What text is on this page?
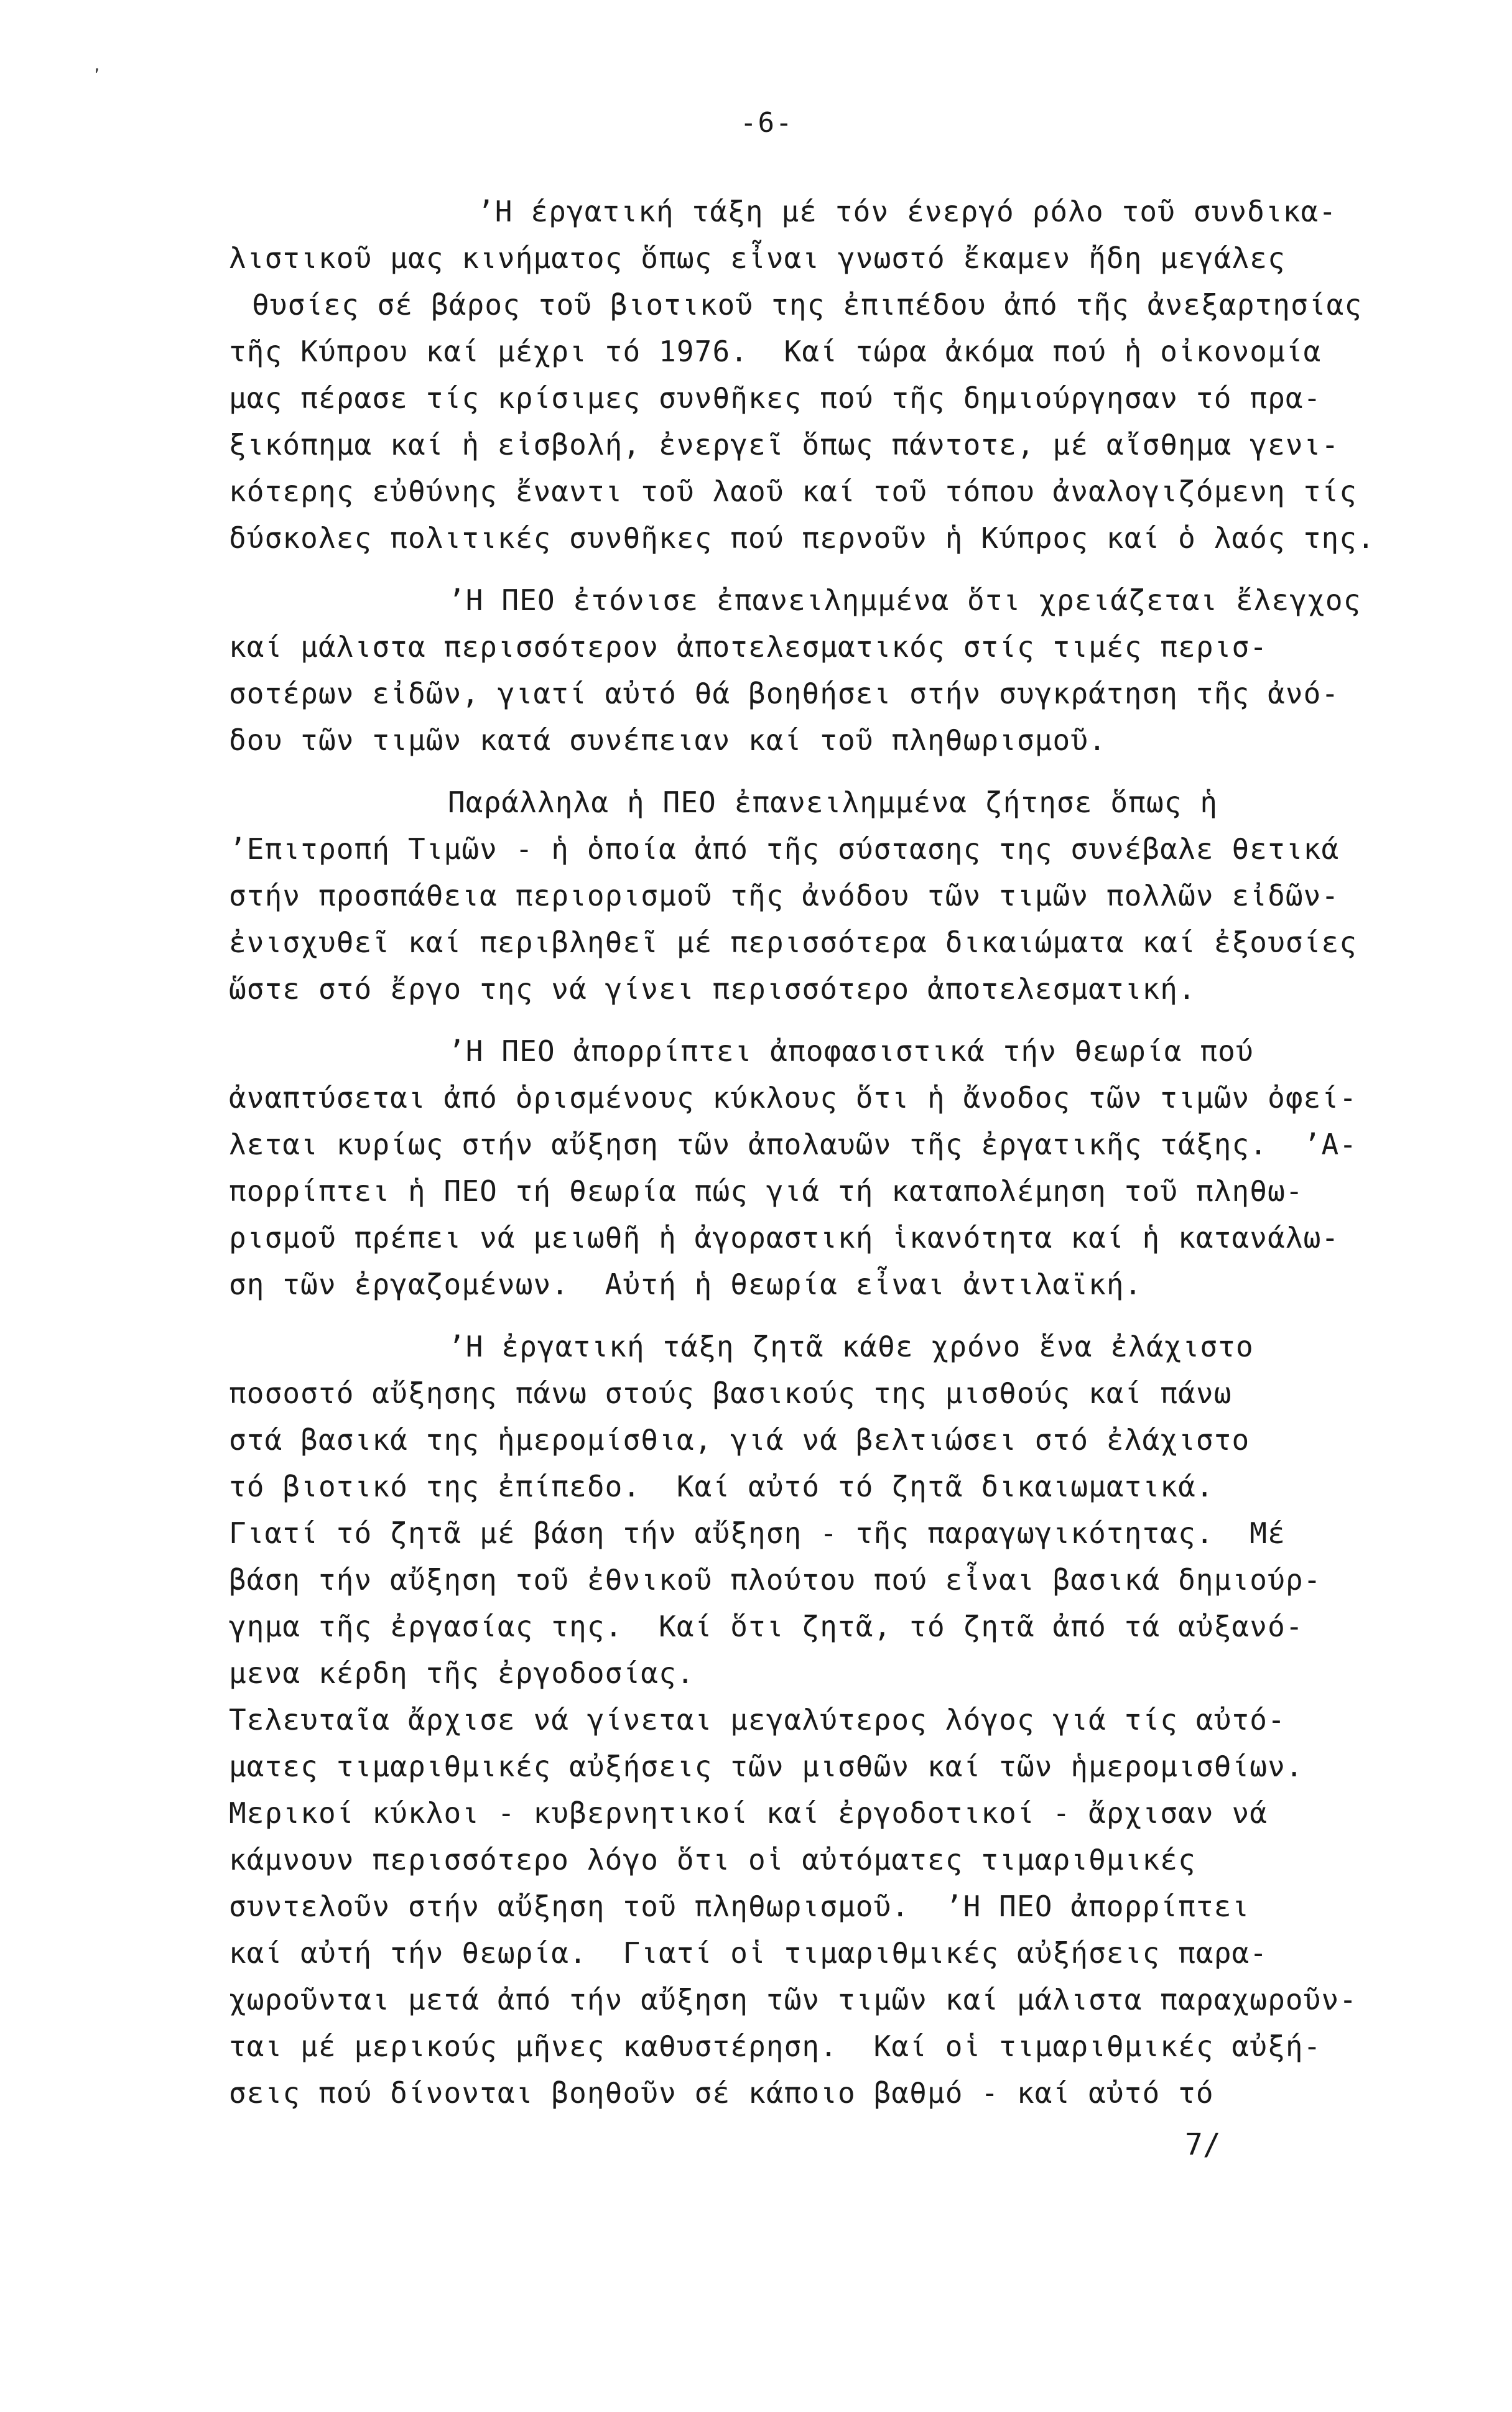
ʼ
-6-
ʼΗ έργατική τάξη μέ τόν ένεργό ρόλο τοῦ συνδικα-
λιστικοῦ μας κινήματος ὅπως εἶναι γνωστό ἔκαμεν ἤδη μεγάλες
θυσίες σέ βάρος τοῦ βιοτικοῦ της ἐπιπέδου ἀπό τῆς ἀνεξαρτησίας
τῆς Κύπρου καί μέχρι τό 1976.  Καί τώρα ἀκόμα πού ἡ οἰκονομία
μας πέρασε τίς κρίσιμες συνθῆκες πού τῆς δημιούργησαν τό πρα-
ξικόπημα καί ἡ εἰσβολή, ἐνεργεῖ ὅπως πάντοτε, μέ αἴσθημα γενι-
κότερης εὐθύνης ἔναντι τοῦ λαοῦ καί τοῦ τόπου ἀναλογιζόμενη τίς
δύσκολες πολιτικές συνθῆκες πού περνοῦν ἡ Κύπρος καί ὁ λαός της.
ʼΗ ΠΕΟ ἐτόνισε ἐπανειλημμένα ὅτι χρειάζεται ἔλεγχος
καί μάλιστα περισσότερον ἀποτελεσματικός στίς τιμές περισ-
σοτέρων εἰδῶν, γιατί αὐτό θά βοηθήσει στήν συγκράτηση τῆς ἀνό-
δου τῶν τιμῶν κατά συνέπειαν καί τοῦ πληθωρισμοῦ.
Παράλληλα ἡ ΠΕΟ ἐπανειλημμένα ζήτησε ὅπως ἡ
ʼΕπιτροπή Τιμῶν - ἡ ὁποία ἀπό τῆς σύστασης της συνέβαλε θετικά
στήν προσπάθεια περιορισμοῦ τῆς ἀνόδου τῶν τιμῶν πολλῶν εἰδῶν-
ἐνισχυθεῖ καί περιβληθεῖ μέ περισσότερα δικαιώματα καί ἐξουσίες
ὥστε στό ἔργο της νά γίνει περισσότερο ἀποτελεσματική.
ʼΗ ΠΕΟ ἀπορρίπτει ἀποφασιστικά τήν θεωρία πού
ἀναπτύσεται ἀπό ὁρισμένους κύκλους ὅτι ἡ ἄνοδος τῶν τιμῶν ὀφεί-
λεται κυρίως στήν αὔξηση τῶν ἀπολαυῶν τῆς ἐργατικῆς τάξης.  ʼΑ-
πορρίπτει ἡ ΠΕΟ τή θεωρία πώς γιά τή καταπολέμηση τοῦ πληθω-
ρισμοῦ πρέπει νά μειωθῆ ἡ ἀγοραστική ἱκανότητα καί ἡ κατανάλω-
ση τῶν ἐργαζομένων.  Αὐτή ἡ θεωρία εἶναι ἀντιλαϊκή.
ʼΗ ἐργατική τάξη ζητᾶ κάθε χρόνο ἕνα ἐλάχιστο
ποσοστό αὔξησης πάνω στούς βασικούς της μισθούς καί πάνω
στά βασικά της ἡμερομίσθια, γιά νά βελτιώσει στό ἐλάχιστο
τό βιοτικό της ἐπίπεδο.  Καί αὐτό τό ζητᾶ δικαιωματικά.
Γιατί τό ζητᾶ μέ βάση τήν αὔξηση - τῆς παραγωγικότητας.  Μέ
βάση τήν αὔξηση τοῦ ἐθνικοῦ πλούτου πού εἶναι βασικά δημιούρ-
γημα τῆς ἐργασίας της.  Καί ὅτι ζητᾶ, τό ζητᾶ ἀπό τά αὐξανό-
μενα κέρδη τῆς ἐργοδοσίας.
Τελευταῖα ἄρχισε νά γίνεται μεγαλύτερος λόγος γιά τίς αὐτό-
ματες τιμαριθμικές αὐξήσεις τῶν μισθῶν καί τῶν ἡμερομισθίων.
Μερικοί κύκλοι - κυβερνητικοί καί ἐργοδοτικοί - ἄρχισαν νά
κάμνουν περισσότερο λόγο ὅτι οἱ αὐτόματες τιμαριθμικές
συντελοῦν στήν αὔξηση τοῦ πληθωρισμοῦ.  ʼΗ ΠΕΟ ἀπορρίπτει
καί αὐτή τήν θεωρία.  Γιατί οἱ τιμαριθμικές αὐξήσεις παρα-
χωροῦνται μετά ἀπό τήν αὔξηση τῶν τιμῶν καί μάλιστα παραχωροῦν-
ται μέ μερικούς μῆνες καθυστέρηση.  Καί οἱ τιμαριθμικές αὐξή-
σεις πού δίνονται βοηθοῦν σέ κάποιο βαθμό - καί αὐτό τό
7/
